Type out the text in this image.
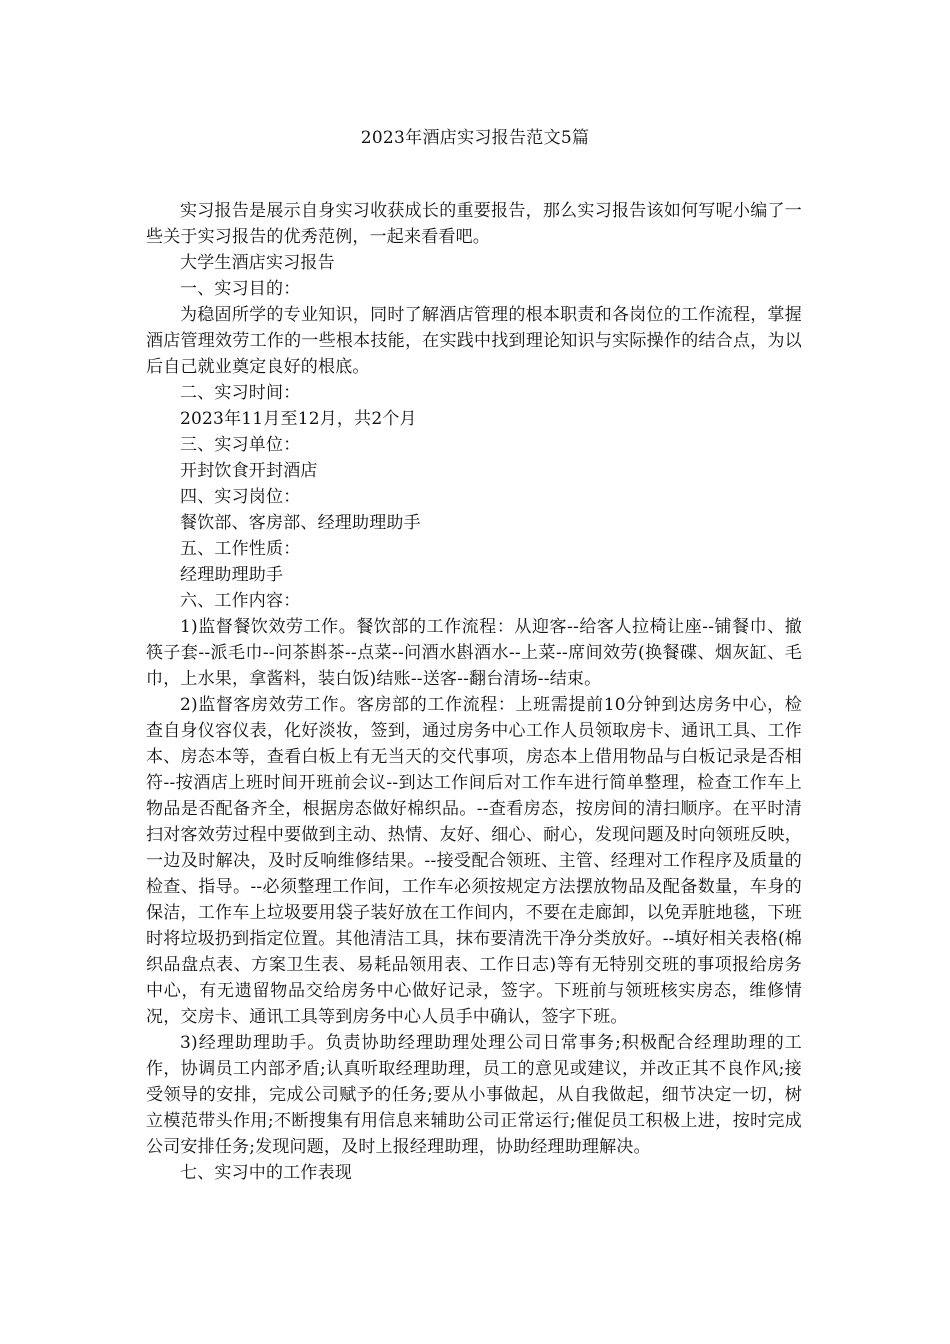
2023年酒店实习报告范文5篇

实习报告是展示自身实习收获成长的重要报告，那么实习报告该如何写呢小编了一些关于实习报告的优秀范例，一起来看看吧。

大学生酒店实习报告

一、实习目的：

为稳固所学的专业知识，同时了解酒店管理的根本职责和各岗位的工作流程，掌握酒店管理效劳工作的一些根本技能，在实践中找到理论知识与实际操作的结合点，为以后自己就业奠定良好的根底。

二、实习时间：

2023年11月至12月，共2个月

三、实习单位：

开封饮食开封酒店

四、实习岗位：

餐饮部、客房部、经理助理助手

五、工作性质：

经理助理助手

六、工作内容：

1)监督餐饮效劳工作。餐饮部的工作流程：从迎客--给客人拉椅让座--铺餐巾、撤筷子套--派毛巾--问茶斟茶--点菜--问酒水斟酒水--上菜--席间效劳(换餐碟、烟灰缸、毛巾，上水果，拿酱料，装白饭)结账--送客--翻台清场--结束。

2)监督客房效劳工作。客房部的工作流程：上班需提前10分钟到达房务中心，检查自身仪容仪表，化好淡妆，签到，通过房务中心工作人员领取房卡、通讯工具、工作本、房态本等，查看白板上有无当天的交代事项，房态本上借用物品与白板记录是否相符--按酒店上班时间开班前会议--到达工作间后对工作车进行简单整理，检查工作车上物品是否配备齐全，根据房态做好棉织品。--查看房态，按房间的清扫顺序。在平时清扫对客效劳过程中要做到主动、热情、友好、细心、耐心，发现问题及时向领班反映，一边及时解决，及时反响维修结果。--接受配合领班、主管、经理对工作程序及质量的检查、指导。--必须整理工作间，工作车必须按规定方法摆放物品及配备数量，车身的保洁，工作车上垃圾要用袋子装好放在工作间内，不要在走廊卸，以免弄脏地毯，下班时将垃圾扔到指定位置。其他清洁工具，抹布要清洗干净分类放好。--填好相关表格(棉织品盘点表、方案卫生表、易耗品领用表、工作日志)等有无特别交班的事项报给房务中心，有无遗留物品交给房务中心做好记录，签字。下班前与领班核实房态，维修情况，交房卡、通讯工具等到房务中心人员手中确认，签字下班。

3)经理助理助手。负责协助经理助理处理公司日常事务;积极配合经理助理的工作，协调员工内部矛盾;认真听取经理助理，员工的意见或建议，并改正其不良作风;接受领导的安排，完成公司赋予的任务;要从小事做起，从自我做起，细节决定一切，树立模范带头作用;不断搜集有用信息来辅助公司正常运行;催促员工积极上进，按时完成公司安排任务;发现问题，及时上报经理助理，协助经理助理解决。

七、实习中的工作表现
